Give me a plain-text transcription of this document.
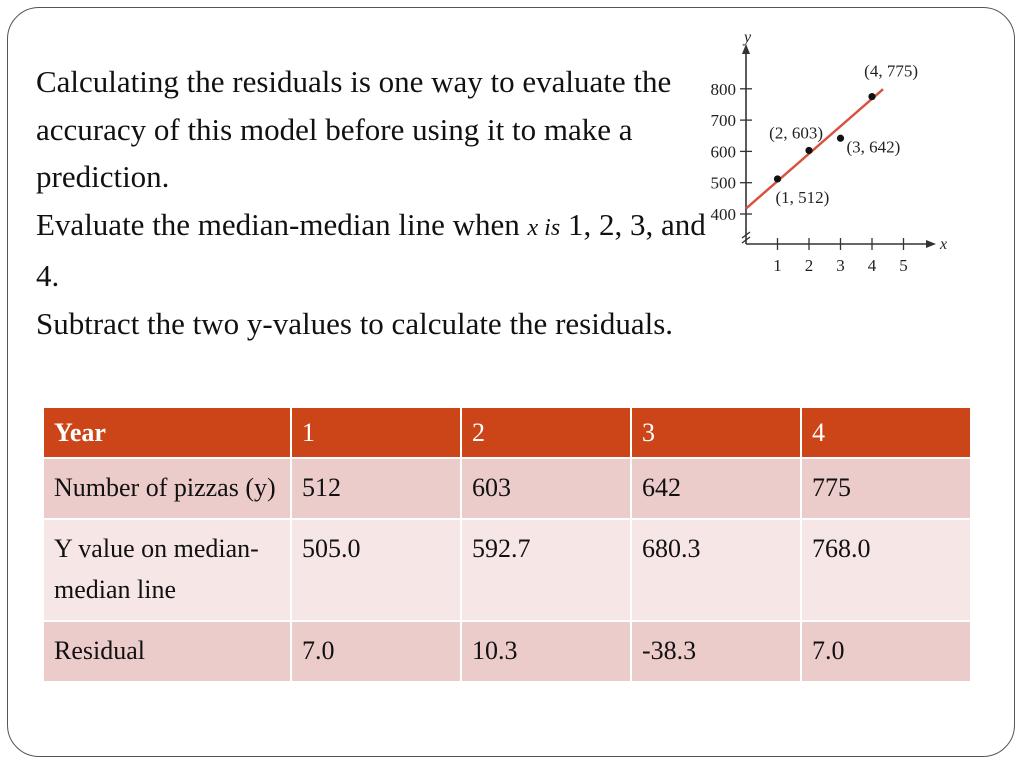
Calculating the residuals is one way to evaluate the accuracy of this model before using it to make a prediction.

Evaluate the median-median line when x is 1, 2, 3, and 4.

Subtract the two y-values to calculate the residuals.

y
x
400
500
600
700
800
1 2 3 4 5
(1, 512)
(2, 603)
(3, 642)
(4, 775)
Year	1	2	3	4
Number of pizzas (y)	512	603	642	775
Y value on median-median line	505.0	592.7	680.3	768.0
Residual	7.0	10.3	-38.3	7.0
